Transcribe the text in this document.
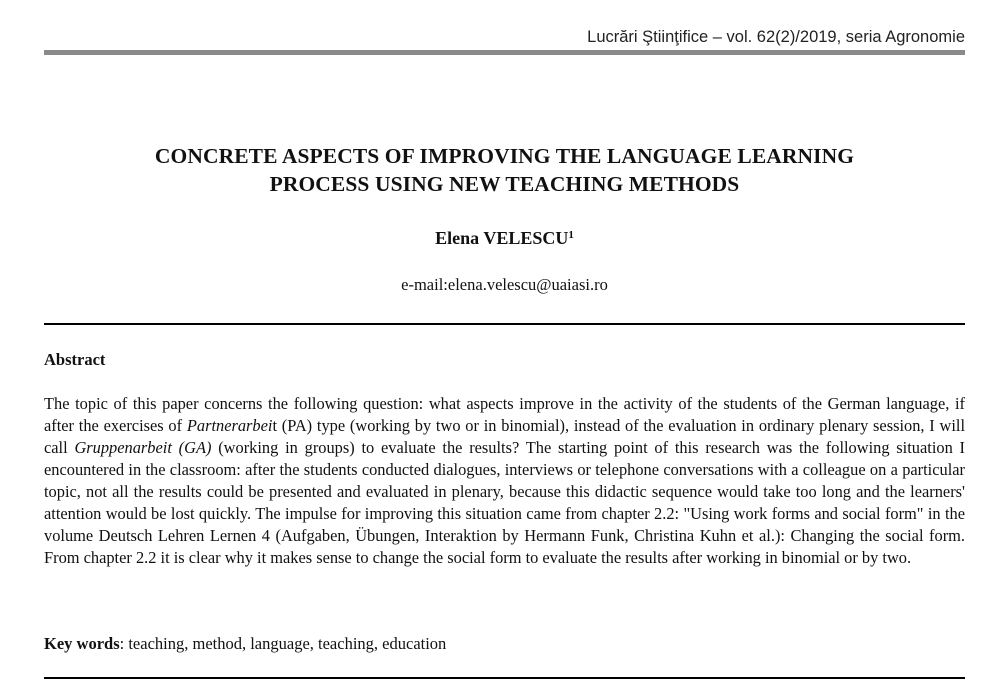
Lucrări Ştiinţifice – vol. 62(2)/2019, seria Agronomie
CONCRETE ASPECTS OF IMPROVING THE LANGUAGE LEARNING
PROCESS USING NEW TEACHING METHODS
Elena VELESCU$^1$
e-mail:elena.velescu@uaiasi.ro
Abstract
The topic of this paper concerns the following question: what aspects improve in the activity of the students of the German language, if after the exercises of Partnerarbeit (PA) type (working by two or in binomial), instead of the evaluation in ordinary plenary session, I will call Gruppenarbeit (GA) (working in groups) to evaluate the results? The starting point of this research was the following situation I encountered in the classroom: after the students conducted dialogues, interviews or telephone conversations with a colleague on a particular topic, not all the results could be presented and evaluated in plenary, because this didactic sequence would take too long and the learners' attention would be lost quickly. The impulse for improving this situation came from chapter 2.2: "Using work forms and social form" in the volume Deutsch Lehren Lernen 4 (Aufgaben, Übungen, Interaktion by Hermann Funk, Christina Kuhn et al.): Changing the social form. From chapter 2.2 it is clear why it makes sense to change the social form to evaluate the results after working in binomial or by two.
Key words: teaching, method, language, teaching, education
